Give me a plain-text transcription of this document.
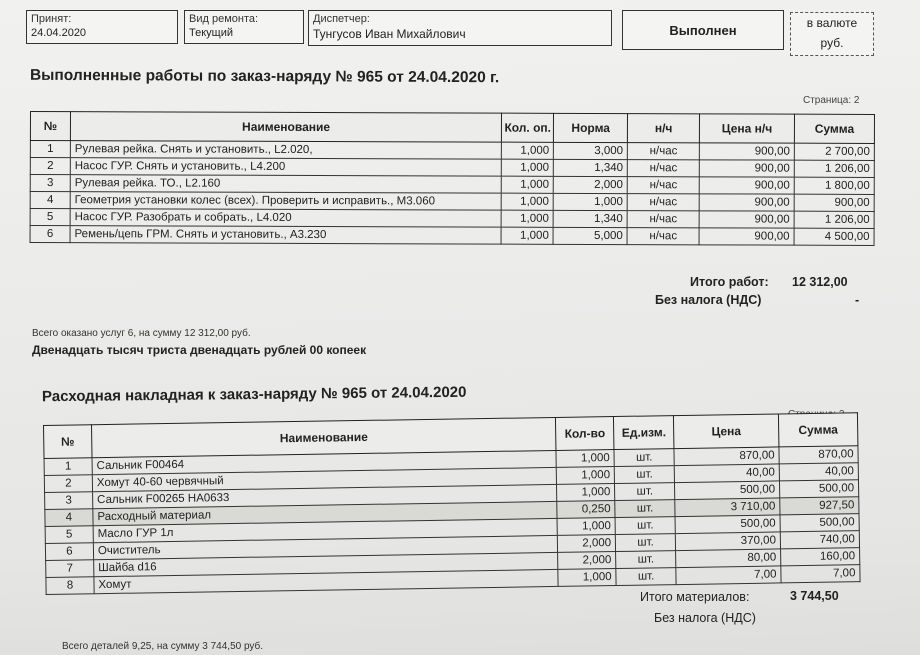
Принят:
24.04.2020
Вид ремонта:
Текущий
Диспетчер:
Тунгусов Иван Михайлович	Выполнен	в валюте
руб.
Выполненные работы по заказ-наряду № 965 от 24.04.2020 г.
Страница: 2
№	Наименование	Кол. оп.	Норма	н/ч	Цена н/ч	Сумма
1	Рулевая рейка. Снять и установить., L2.020,	1,000	3,000	н/час	900,00	2 700,00
2	Насос ГУР. Снять и установить., L4.200	1,000	1,340	н/час	900,00	1 206,00
3	Рулевая рейка. ТО., L2.160	1,000	2,000	н/час	900,00	1 800,00
4	Геометрия установки колес (всех). Проверить и исправить., М3.060	1,000	1,000	н/час	900,00	900,00
5	Насос ГУР. Разобрать и собрать., L4.020	1,000	1,340	н/час	900,00	1 206,00
6	Ремень/цепь ГРМ. Снять и установить., А3.230	1,000	5,000	н/час	900,00	4 500,00
Итого работ: 12 312,00
Без налога (НДС)	-
Всего оказано услуг 6, на сумму 12 312,00 руб.
Двенадцать тысяч триста двенадцать рублей 00 копеек
Расходная накладная к заказ-наряду № 965 от 24.04.2020
№	Наименование	Кол-во	Ед.изм.	Цена	Сумма
1	Сальник F00464	1,000	шт.	870,00	870,00
2	Хомут 40-60 червячный	1,000	шт.	40,00	40,00
3	Сальник F00265 HA0633	1,000	шт.	500,00	500,00
4	Расходный материал	0,250	шт.	3 710,00	927,50
5	Масло ГУР 1л	1,000	шт.	500,00	500,00
6	Очиститель	2,000	шт.	370,00	740,00
7	Шайба d16	2,000	шт.	80,00	160,00
8	Хомут	1,000	шт.	7,00	7,00
Итого материалов:	3 744,50
Без налога (НДС)
Всего деталей 9,25, на сумму 3 744,50 руб.
